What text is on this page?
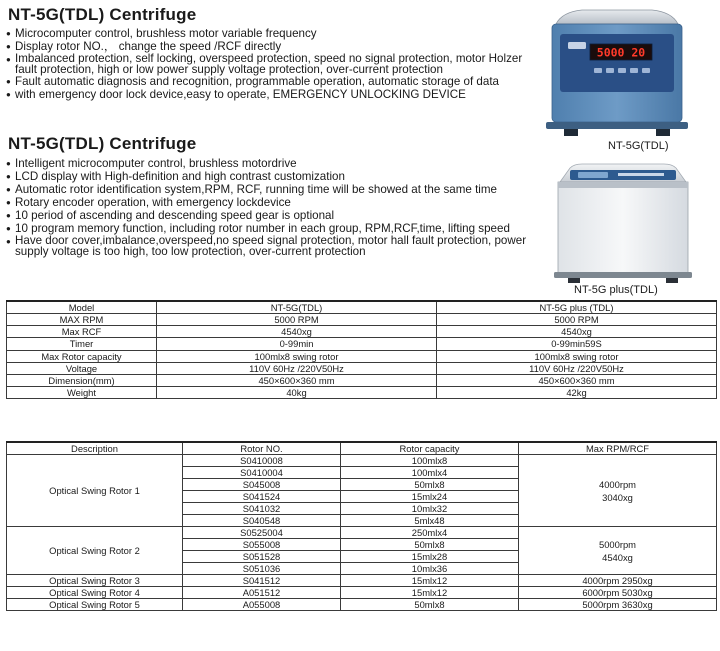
NT-5G(TDL) Centrifuge
● Microcomputer control, brushless motor variable frequency
● Display rotor NO.， change the speed /RCF directly
● Imbalanced protection, self locking, overspeed protection, speed no signal protection, motor Holzer fault protection, high or low power supply voltage protection, over-current protection
● Fault automatic diagnosis and recognition, programmable operation, automatic storage of data
● with emergency door lock device,easy to operate, EMERGENCY UNLOCKING DEVICE
5000 20
NT-5G(TDL)
NT-5G(TDL) Centrifuge
● Intelligent microcomputer control, brushless motordrive
● LCD display with High-definition and high contrast customization
● Automatic rotor identification system,RPM, RCF, running time will be showed at the same time
● Rotary encoder operation, with emergency lockdevice
● 10 period of ascending and descending speed gear is optional
● 10 program memory function, including rotor number in each group, RPM,RCF,time, lifting speed
● Have door cover,imbalance,overspeed,no speed signal protection, motor hall fault protection, power supply voltage is too high, too low protection, over-current protection
NT-5G plus(TDL)
Model	NT-5G(TDL)	NT-5G plus (TDL)
MAX RPM	5000 RPM	5000 RPM
Max RCF	4540xg	4540xg
Timer	0-99min	0-99min59S
Max Rotor capacity	100mlx8 swing rotor	100mlx8 swing rotor
Voltage	110V 60Hz /220V50Hz	110V 60Hz /220V50Hz
Dimension(mm)	450×600×360 mm	450×600×360 mm
Weight	40kg	42kg
Description	Rotor NO.	Rotor capacity	Max RPM/RCF
Optical Swing Rotor 1	S0410008	100mlx8	4000rpm
3040xg

	S0410004	100mlx4	
	S045008	50mlx8	
	S041524	15mlx24	
	S041032	10mlx32	
	S040548	5mlx48	
Optical Swing Rotor 2	S0525004	250mlx4	5000rpm
4540xg

	S055008	50mlx8	
	S051528	15mlx28	
	S051036	10mlx36	
Optical Swing Rotor 3	S041512	15mlx12	4000rpm 2950xg
Optical Swing Rotor 4	A051512	15mlx12	6000rpm 5030xg
Optical Swing Rotor 5	A055008	50mlx8	5000rpm 3630xg
